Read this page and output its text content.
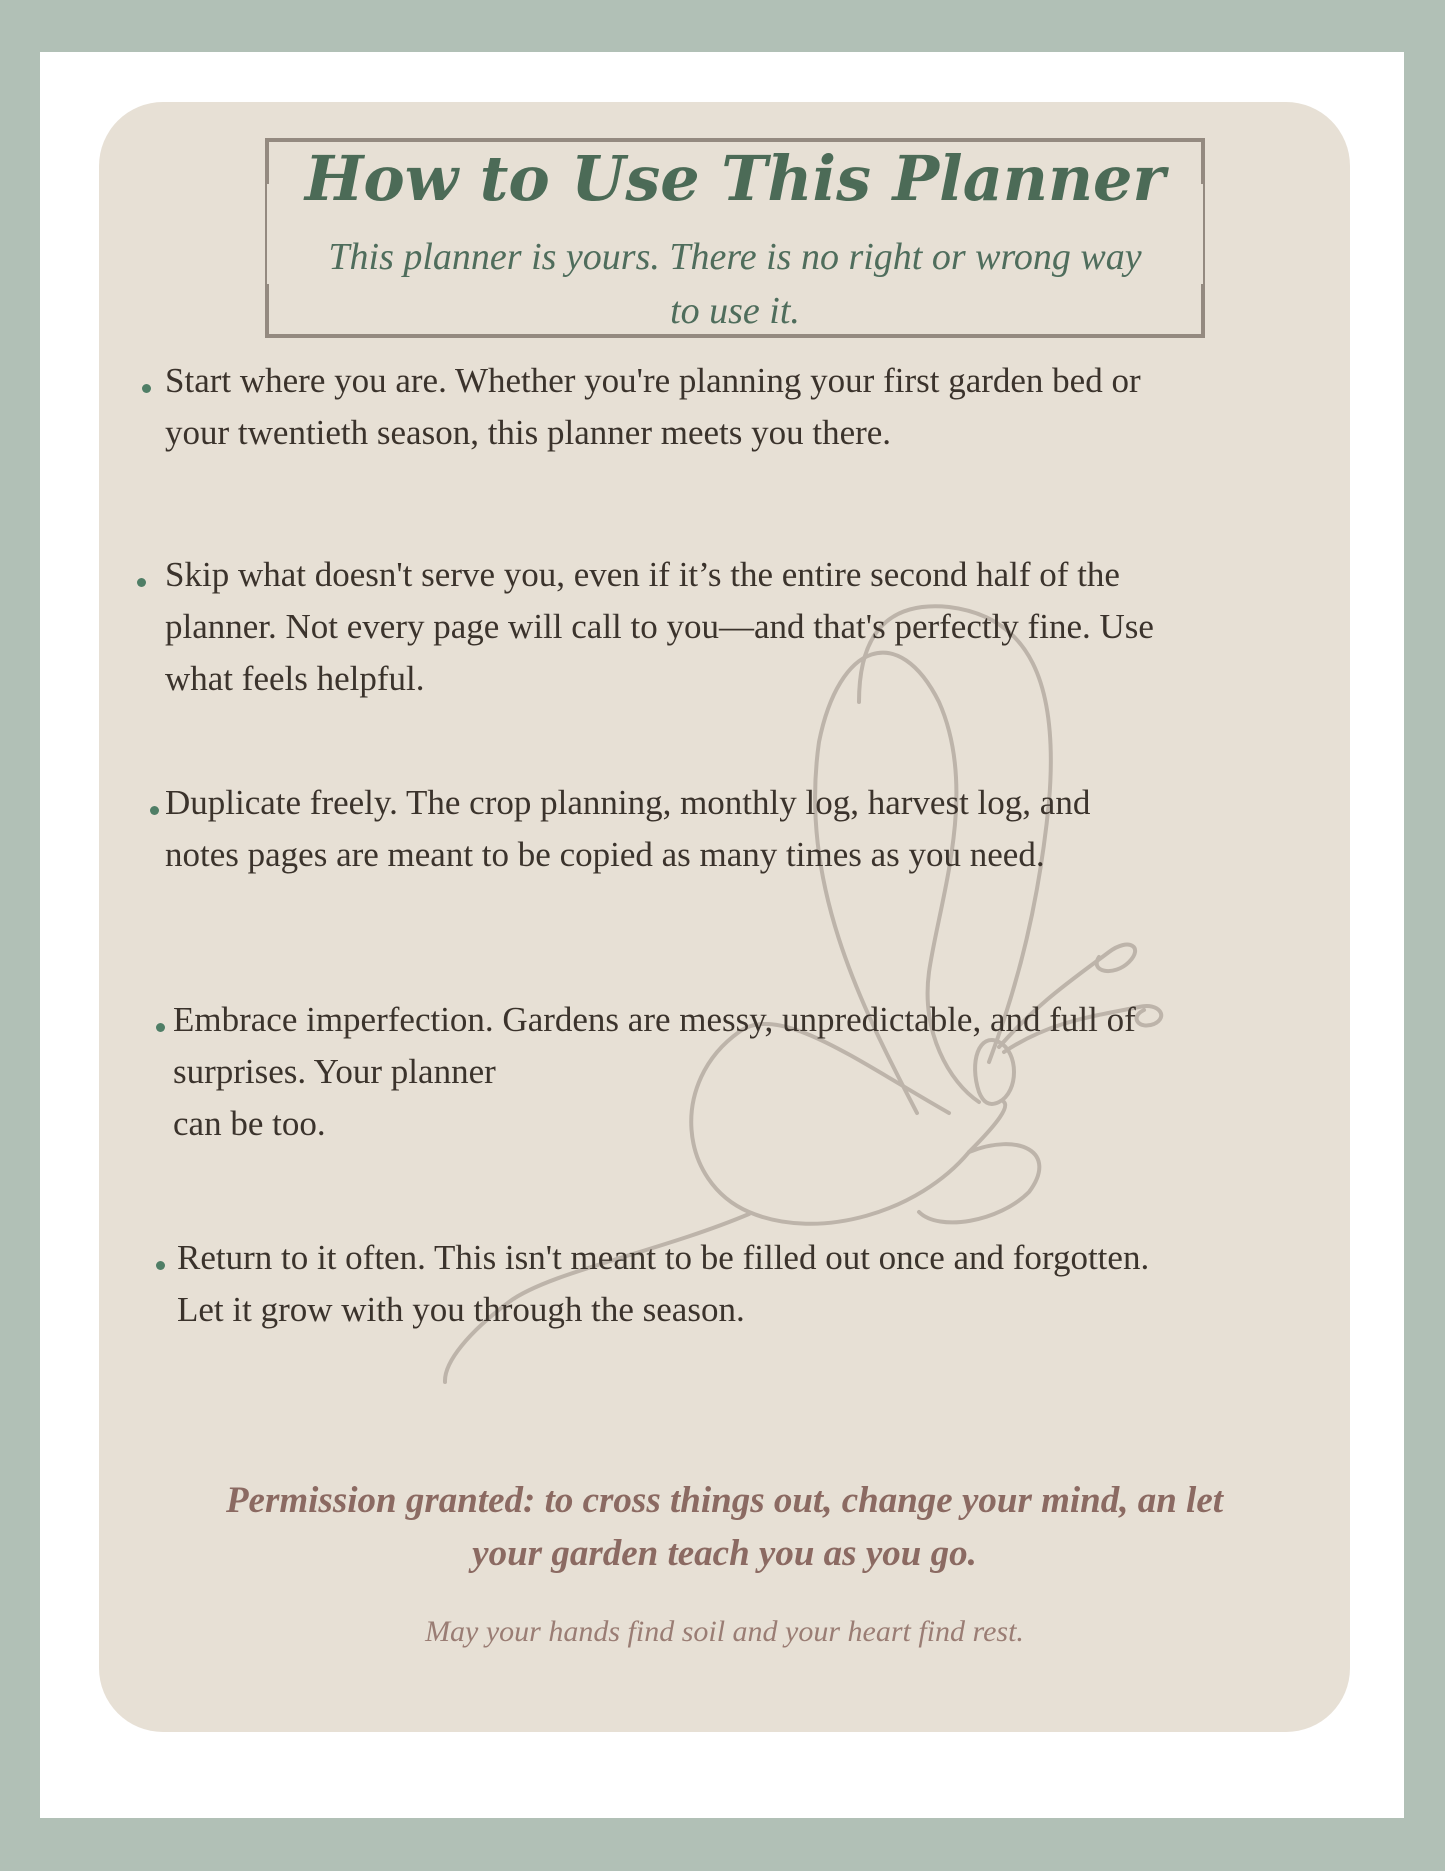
How to Use This Planner

This planner is yours. There is no right or wrong way
to use it.

Start where you are. Whether you're planning your first garden bed or
your twentieth season, this planner meets you there.

Skip what doesn't serve you, even if it’s the entire second half of the
planner. Not every page will call to you—and that's perfectly fine. Use
what feels helpful.

Duplicate freely. The crop planning, monthly log, harvest log, and
notes pages are meant to be copied as many times as you need.

Embrace imperfection. Gardens are messy, unpredictable, and full of
surprises. Your planner
can be too.

Return to it often. This isn't meant to be filled out once and forgotten.
Let it grow with you through the season.

Permission granted: to cross things out, change your mind, an let
your garden teach you as you go.

May your hands find soil and your heart find rest.
